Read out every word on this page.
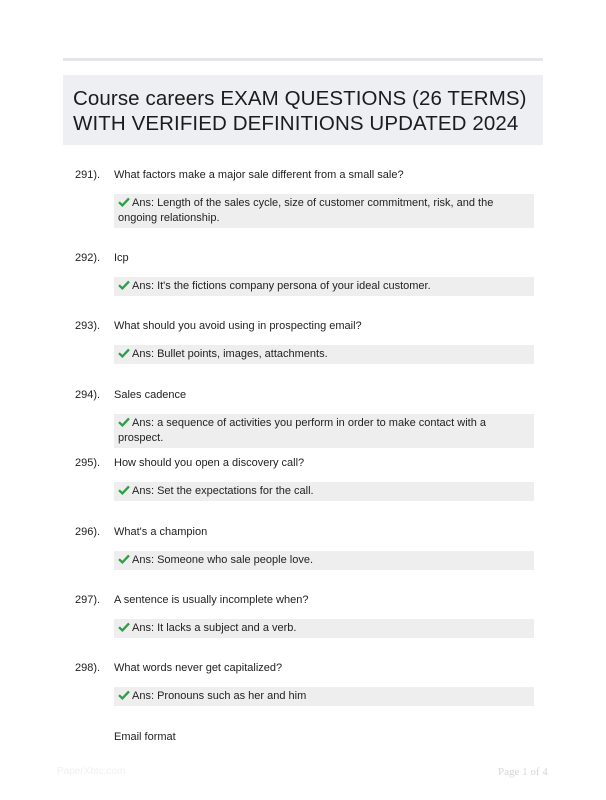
Course careers EXAM QUESTIONS (26 TERMS)
WITH VERIFIED DEFINITIONS UPDATED 2024
291). What factors make a major sale different from a small sale?
Ans: Length of the sales cycle, size of customer commitment, risk, and the ongoing relationship.
292). Icp
Ans: It's the fictions company persona of your ideal customer.
293). What should you avoid using in prospecting email?
Ans: Bullet points, images, attachments.
294). Sales cadence
Ans: a sequence of activities you perform in order to make contact with a prospect.
295). How should you open a discovery call?
Ans: Set the expectations for the call.
296). What's a champion
Ans: Someone who sale people love.
297). A sentence is usually incomplete when?
Ans: It lacks a subject and a verb.
298). What words never get capitalized?
Ans: Pronouns such as her and him
Email format
PaperXbtc.com	Page 1 of 4
